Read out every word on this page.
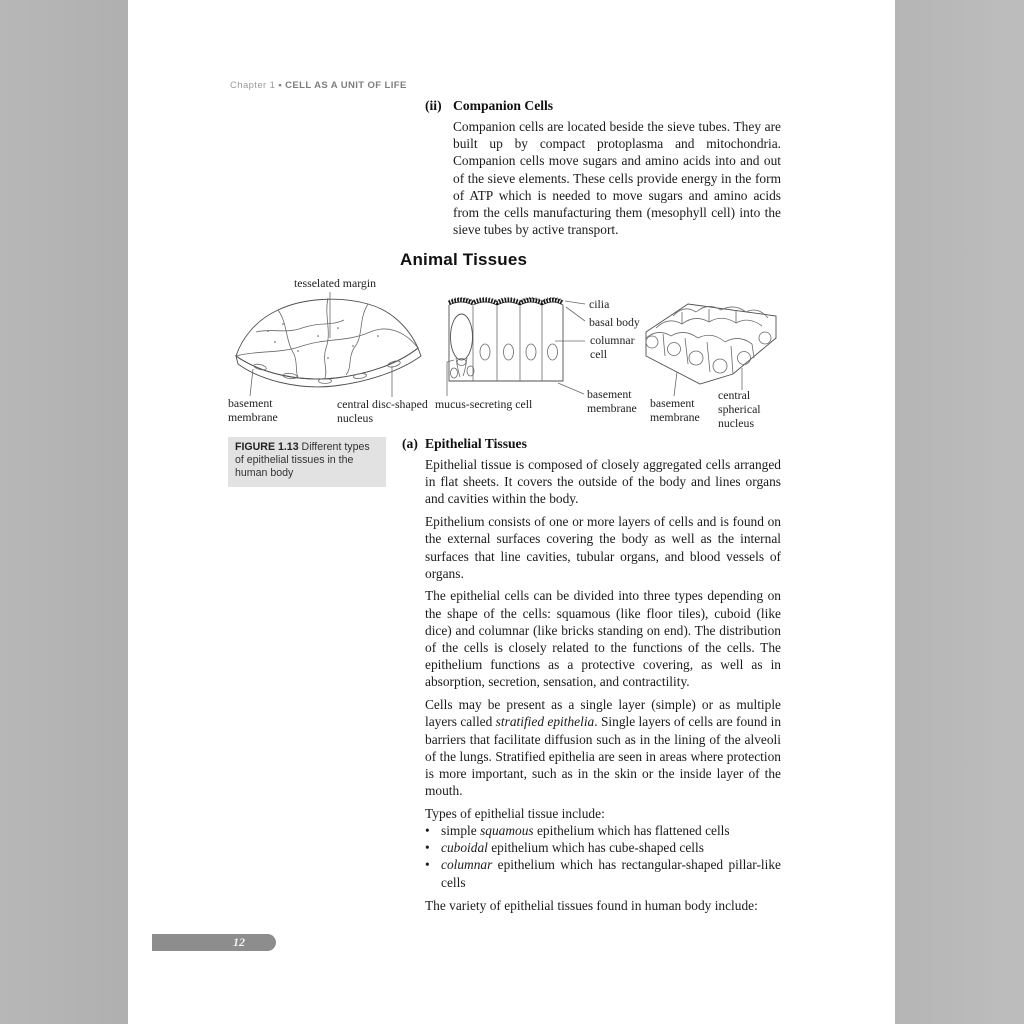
Chapter 1 • CELL AS A UNIT OF LIFE
(ii) Companion Cells
Companion cells are located beside the sieve tubes. They are built up by compact protoplasma and mitochondria. Companion cells move sugars and amino acids into and out of the sieve elements. These cells provide energy in the form of ATP which is needed to move sugars and amino acids from the cells manufacturing them (mesophyll cell) into the sieve tubes by active transport.
Animal Tissues
tesselated margin
basement membrane
central disc-shaped nucleus
mucus-secreting cell
cilia
basal body
columnar cell
basement membrane	basement membrane
central spherical nucleus
FIGURE 1.13 Different types of epithelial tissues in the human body
(a) Epithelial Tissues
Epithelial tissue is composed of closely aggregated cells arranged in flat sheets. It covers the outside of the body and lines organs and cavities within the body.
Epithelium consists of one or more layers of cells and is found on the external surfaces covering the body as well as the internal surfaces that line cavities, tubular organs, and blood vessels of organs.
The epithelial cells can be divided into three types depending on the shape of the cells: squamous (like floor tiles), cuboid (like dice) and columnar (like bricks standing on end). The distribution of the cells is closely related to the functions of the cells. The epithelium functions as a protective covering, as well as in absorption, secretion, sensation, and contractility.
Cells may be present as a single layer (simple) or as multiple layers called stratified epithelia. Single layers of cells are found in barriers that facilitate diffusion such as in the lining of the alveoli of the lungs. Stratified epithelia are seen in areas where protection is more important, such as in the skin or the inside layer of the mouth.
Types of epithelial tissue include:
• simple squamous epithelium which has flattened cells
• cuboidal epithelium which has cube-shaped cells
• columnar epithelium which has rectangular-shaped pillar-like cells
The variety of epithelial tissues found in human body include:
12
